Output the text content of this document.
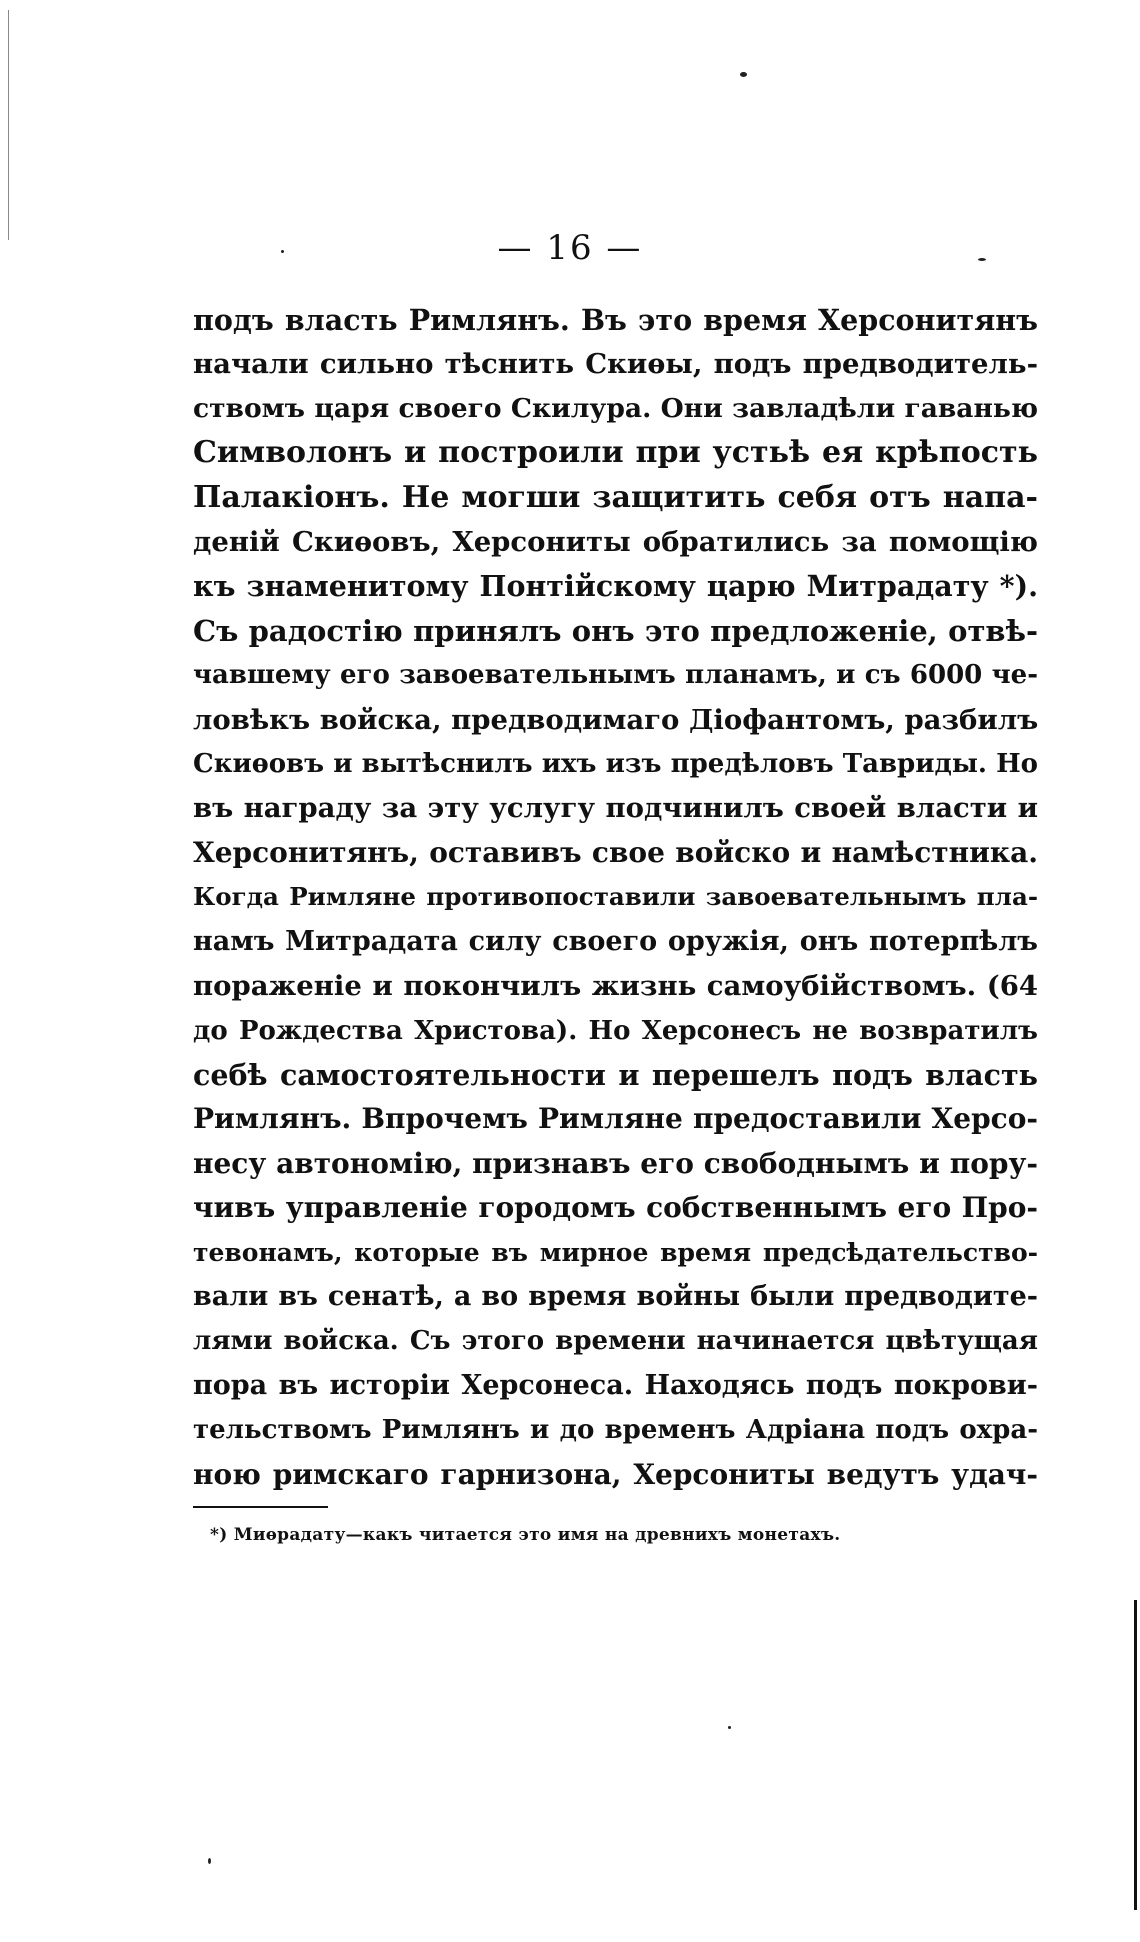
— 16 —
подъ власть Римлянъ. Въ это время Херсонитянъ
начали сильно тѣснить Скиѳы, подъ предводитель-
ствомъ царя своего Скилура. Они завладѣли гаванью
Символонъ и построили при устьѣ ея крѣпость
Палакіонъ. Не могши защитить себя отъ напа-
деній Скиѳовъ, Херсониты обратились за помощію
къ знаменитому Понтійскому царю Митрадату *).
Съ радостію принялъ онъ это предложеніе, отвѣ-
чавшему его завоевательнымъ планамъ, и съ 6000 че-
ловѣкъ войска, предводимаго Діофантомъ, разбилъ
Скиѳовъ и вытѣснилъ ихъ изъ предѣловъ Тавриды. Но
въ награду за эту услугу подчинилъ своей власти и
Херсонитянъ, оставивъ свое войско и намѣстника.
Когда Римляне противопоставили завоевательнымъ пла-
намъ Митрадата силу своего оружія, онъ потерпѣлъ
пораженіе и покончилъ жизнь самоубійствомъ. (64
до Рождества Христова). Но Херсонесъ не возвратилъ
себѣ самостоятельности и перешелъ подъ власть
Римлянъ. Впрочемъ Римляне предоставили Херсо-
несу автономію, признавъ его свободнымъ и пору-
чивъ управленіе городомъ собственнымъ его Про-
тевонамъ, которые въ мирное время предсѣдательство-
вали въ сенатѣ, а во время войны были предводите-
лями войска. Съ этого времени начинается цвѣтущая
пора въ исторіи Херсонеса. Находясь подъ покрови-
тельствомъ Римлянъ и до временъ Адріана подъ охра-
ною римскаго гарнизона, Херсониты ведутъ удач-
*) Миѳрадату—какъ читается это имя на древнихъ монетахъ.
